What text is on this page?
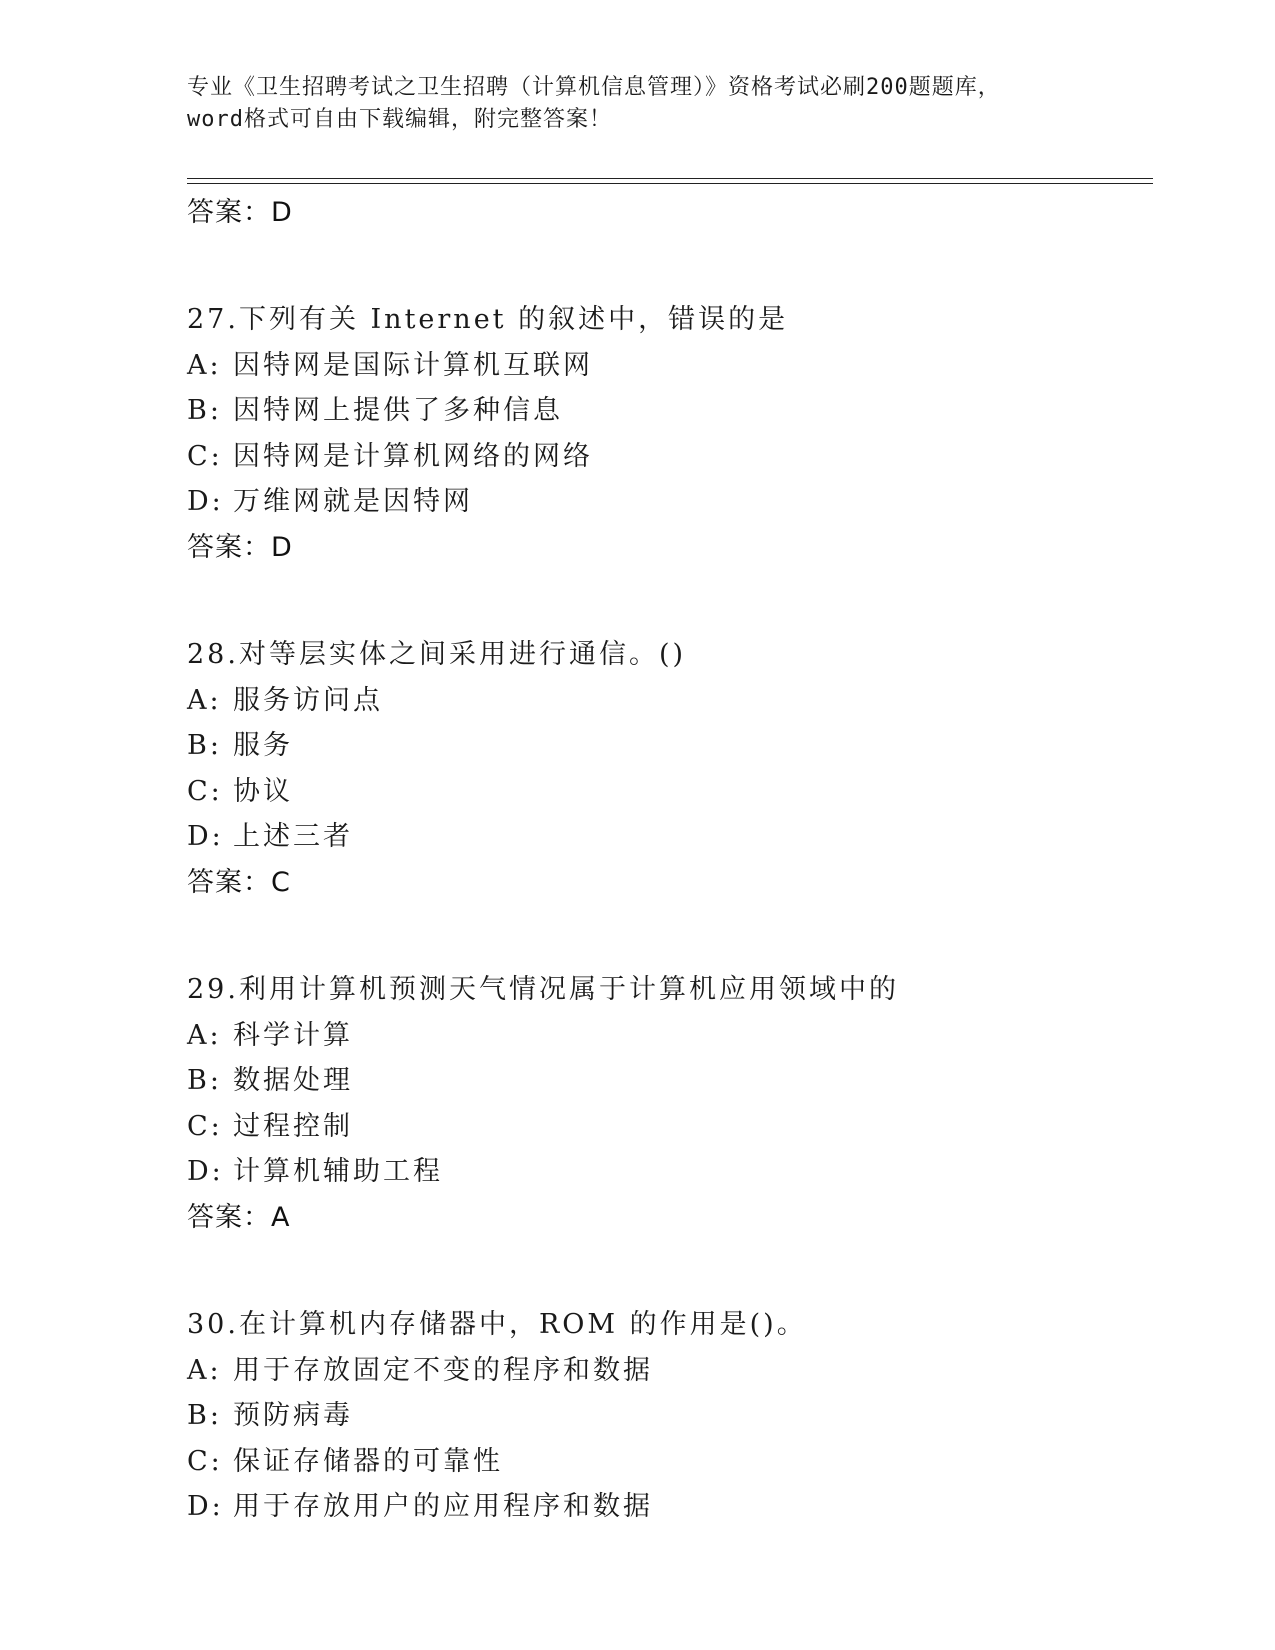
专业《卫生招聘考试之卫生招聘（计算机信息管理）》资格考试必刷200题题库，
word格式可自由下载编辑，附完整答案！
答案：D
27.下列有关 Internet 的叙述中，错误的是
A: 因特网是国际计算机互联网
B: 因特网上提供了多种信息
C: 因特网是计算机网络的网络
D: 万维网就是因特网
答案：D
28.对等层实体之间采用进行通信。()
A: 服务访问点
B: 服务
C: 协议
D: 上述三者
答案：C
29.利用计算机预测天气情况属于计算机应用领域中的
A: 科学计算
B: 数据处理
C: 过程控制
D: 计算机辅助工程
答案：A
30.在计算机内存储器中，ROM 的作用是()。
A: 用于存放固定不变的程序和数据
B: 预防病毒
C: 保证存储器的可靠性
D: 用于存放用户的应用程序和数据
